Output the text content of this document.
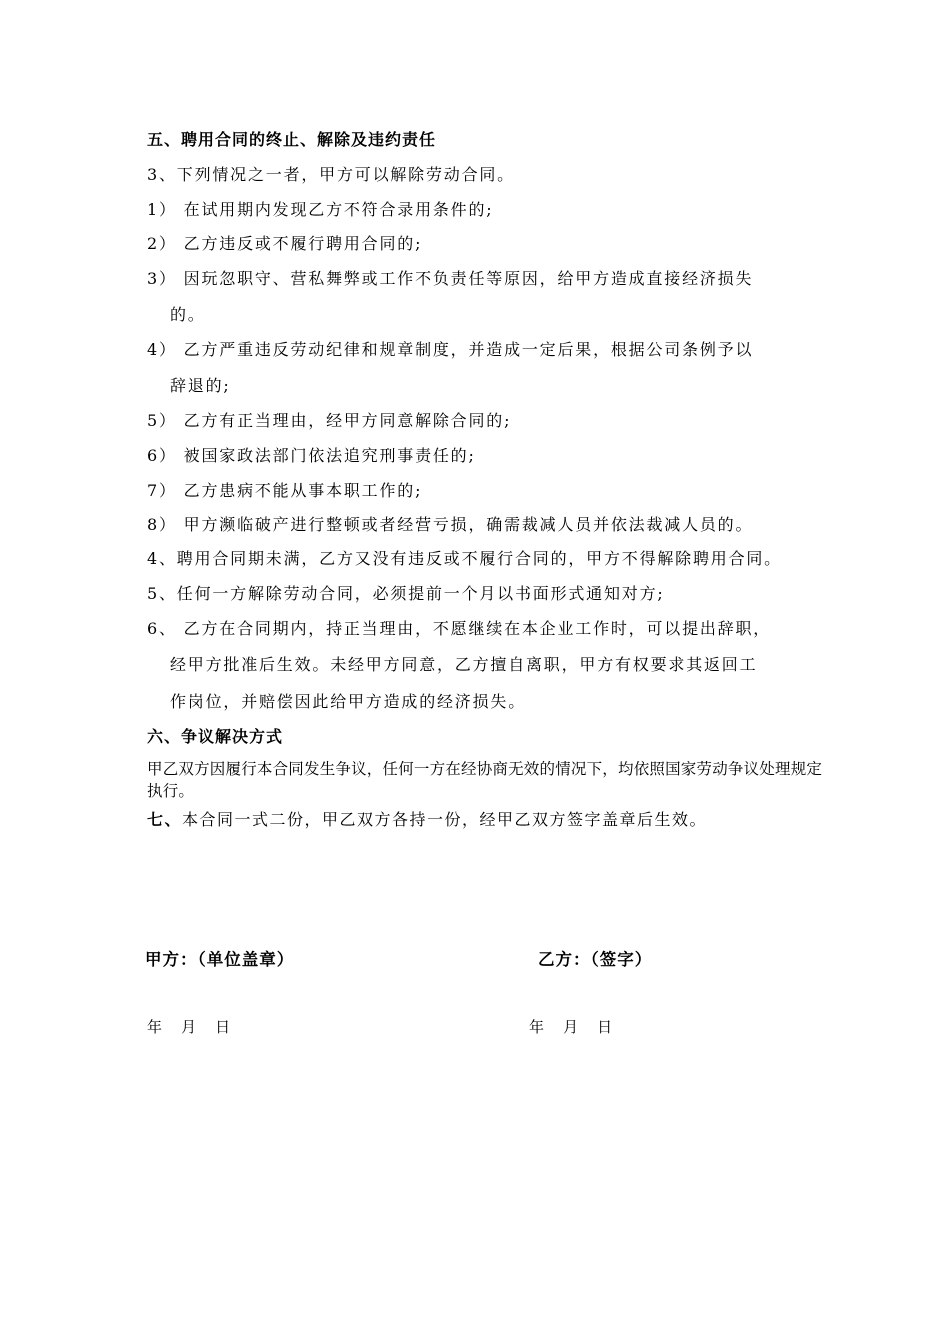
五、聘用合同的终止、解除及违约责任
3、下列情况之一者，甲方可以解除劳动合同。
1） 在试用期内发现乙方不符合录用条件的;
2） 乙方违反或不履行聘用合同的;
3） 因玩忽职守、营私舞弊或工作不负责任等原因，给甲方造成直接经济损失
的。
4） 乙方严重违反劳动纪律和规章制度，并造成一定后果，根据公司条例予以
辞退的;
5） 乙方有正当理由，经甲方同意解除合同的;
6） 被国家政法部门依法追究刑事责任的;
7） 乙方患病不能从事本职工作的;
8） 甲方濒临破产进行整顿或者经营亏损，确需裁减人员并依法裁减人员的。
4、聘用合同期未满，乙方又没有违反或不履行合同的，甲方不得解除聘用合同。
5、任何一方解除劳动合同，必须提前一个月以书面形式通知对方;
6、 乙方在合同期内，持正当理由，不愿继续在本企业工作时，可以提出辞职，
经甲方批准后生效。未经甲方同意，乙方擅自离职，甲方有权要求其返回工
作岗位，并赔偿因此给甲方造成的经济损失。
六、争议解决方式
甲乙双方因履行本合同发生争议，任何一方在经协商无效的情况下，均依照国家劳动争议处理规定执行。
七、本合同一式二份，甲乙双方各持一份，经甲乙双方签字盖章后生效。
甲方：（单位盖章）	乙方：（签字）
年    月    日	年    月    日
